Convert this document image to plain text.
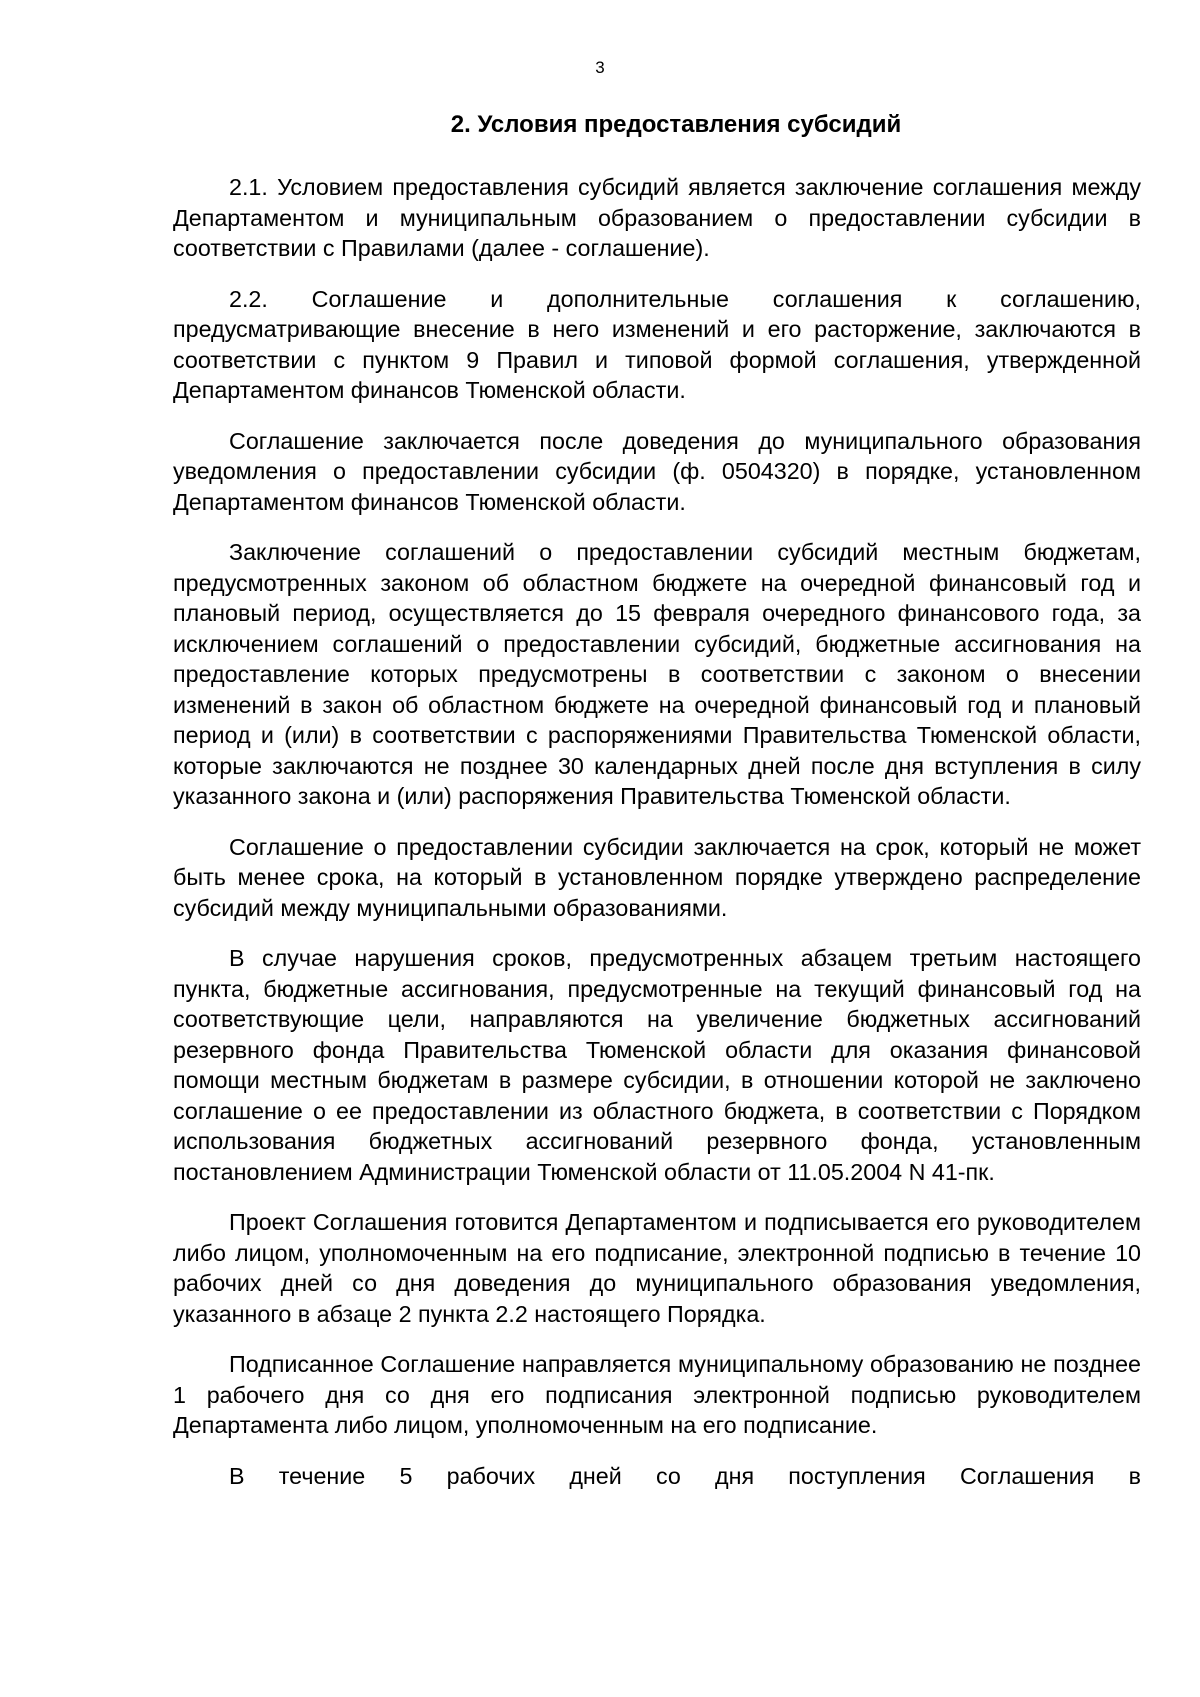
3
2. Условия предоставления субсидий

2.1. Условием предоставления субсидий является заключение соглашения между Департаментом и муниципальным образованием о предоставлении субсидии в соответствии с Правилами (далее - соглашение).

2.2. Соглашение и дополнительные соглашения к соглашению, предусматривающие внесение в него изменений и его расторжение, заключаются в соответствии с пунктом 9 Правил и типовой формой соглашения, утвержденной Департаментом финансов Тюменской области.

Соглашение заключается после доведения до муниципального образования уведомления о предоставлении субсидии (ф. 0504320) в порядке, установленном Департаментом финансов Тюменской области.

Заключение соглашений о предоставлении субсидий местным бюджетам, предусмотренных законом об областном бюджете на очередной финансовый год и плановый период, осуществляется до 15 февраля очередного финансового года, за исключением соглашений о предоставлении субсидий, бюджетные ассигнования на предоставление которых предусмотрены в соответствии с законом о внесении изменений в закон об областном бюджете на очередной финансовый год и плановый период и (или) в соответствии с распоряжениями Правительства Тюменской области, которые заключаются не позднее 30 календарных дней после дня вступления в силу указанного закона и (или) распоряжения Правительства Тюменской области.

Соглашение о предоставлении субсидии заключается на срок, который не может быть менее срока, на который в установленном порядке утверждено распределение субсидий между муниципальными образованиями.

В случае нарушения сроков, предусмотренных абзацем третьим настоящего пункта, бюджетные ассигнования, предусмотренные на текущий финансовый год на соответствующие цели, направляются на увеличение бюджетных ассигнований резервного фонда Правительства Тюменской области для оказания финансовой помощи местным бюджетам в размере субсидии, в отношении которой не заключено соглашение о ее предоставлении из областного бюджета, в соответствии с Порядком использования бюджетных ассигнований резервного фонда, установленным постановлением Администрации Тюменской области от 11.05.2004 N 41-пк.

Проект Соглашения готовится Департаментом и подписывается его руководителем либо лицом, уполномоченным на его подписание, электронной подписью в течение 10 рабочих дней со дня доведения до муниципального образования уведомления, указанного в абзаце 2 пункта 2.2 настоящего Порядка.

Подписанное Соглашение направляется муниципальному образованию не позднее 1 рабочего дня со дня его подписания электронной подписью руководителем Департамента либо лицом, уполномоченным на его подписание.

В течение 5 рабочих дней со дня поступления Соглашения в
